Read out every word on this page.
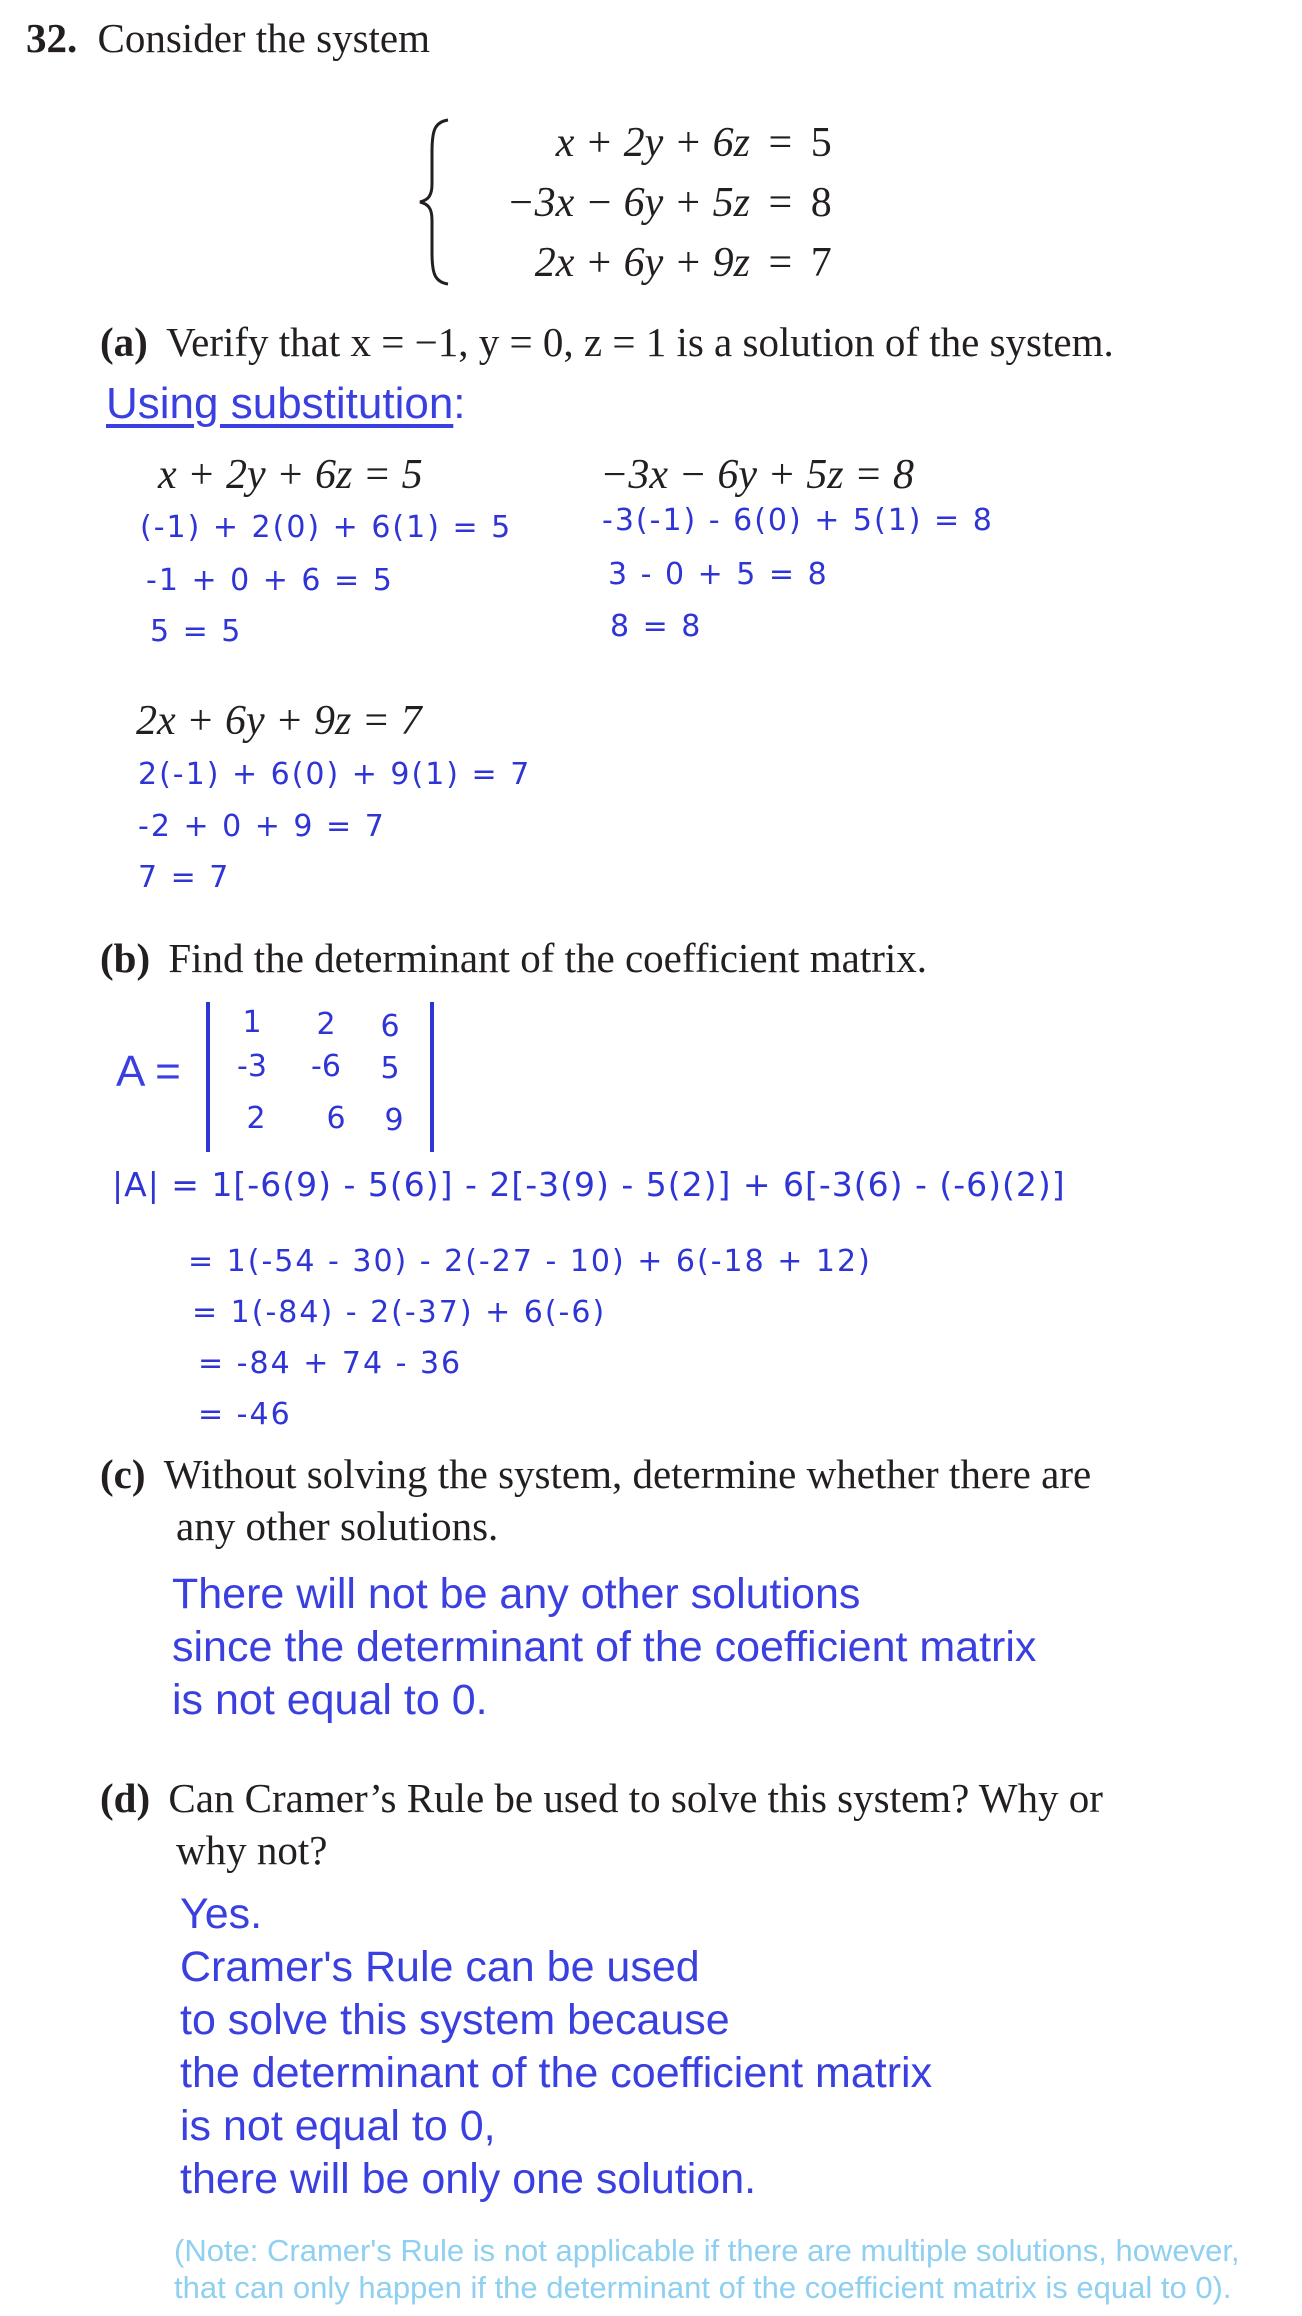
32. Consider the system
x + 2y + 6z = 5
−3x − 6y + 5z = 8
2x + 6y + 9z = 7
(a) Verify that x = −1, y = 0, z = 1 is a solution of the system.
Using substitution:
x + 2y + 6z = 5
(-1) + 2(0) + 6(1) = 5
-1 + 0 + 6 = 5
5 = 5
−3x − 6y + 5z = 8
-3(-1) - 6(0) + 5(1) = 8
3 - 0 + 5 = 8
8 = 8
2x + 6y + 9z = 7
2(-1) + 6(0) + 9(1) = 7
-2 + 0 + 9 = 7
7 = 7
(b) Find the determinant of the coefficient matrix.
A =
1	2	6
-3	-6	5
2	6	9
|A| = 1[-6(9) - 5(6)] - 2[-3(9) - 5(2)] + 6[-3(6) - (-6)(2)]
= 1(-54 - 30) - 2(-27 - 10) + 6(-18 + 12)
= 1(-84) - 2(-37) + 6(-6)
= -84 + 74 - 36
= -46
(c) Without solving the system, determine whether there are
any other solutions.
There will not be any other solutions
since the determinant of the coefficient matrix
is not equal to 0.
(d) Can Cramer’s Rule be used to solve this system? Why or
why not?
Yes.
Cramer's Rule can be used
to solve this system because
the determinant of the coefficient matrix
is not equal to 0,
there will be only one solution.
(Note: Cramer's Rule is not applicable if there are multiple solutions, however,
that can only happen if the determinant of the coefficient matrix is equal to 0).
